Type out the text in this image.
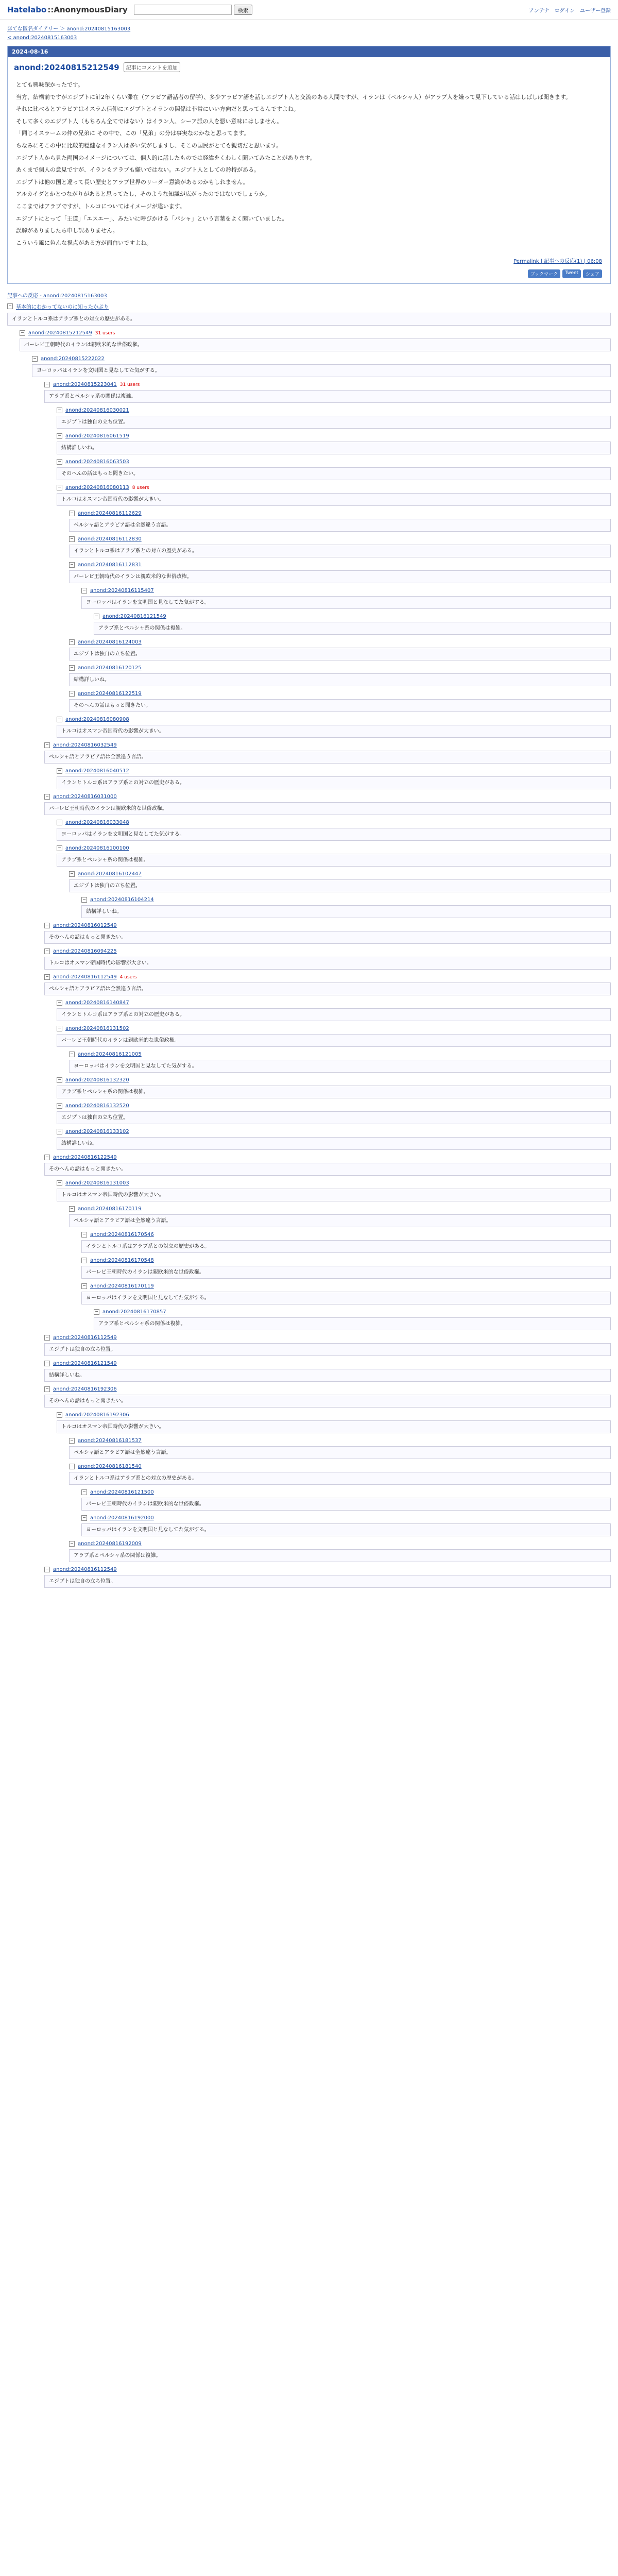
Hatelabo ::AnonymousDiary	検索	アンテナ ログイン ユーザー登録
ほてな匿名ダイアリー ＞ anond:20240815163003
< anond:20240815163003
2024-08-16
anond:20240815212549	記事にコメントを追加

とても興味深かったです。

当方、結構前ですがエジプトに計2年くらい滞在（アラビア語話者の留学）、多少アラビア語を話しエジプト人と交流のある人間ですが、イランは（ペルシャ人）がアラブ人を嫌って見下している話はしばしば聞きます。

それに比べるとアラビアはイスラム信仰にエジプトとイランの関係は非常にいい方向だと思ってるんですよね。

そして多くのエジプト人（もちろん全てではない）はイラン人、シーア派の人を悪い意味にはしません。

「同じイスラームの仲の兄弟に その中で、この「兄弟」の分は事実なのかなと思ってます。

ちなみにそこの中に比較的穏健なイラン人は多い気がしますし、そこの国民がとても親切だと思います。

エジプト人から見た両国のイメージについては、個人的に話したものでは経緯をくわしく聞いてみたことがあります。

あくまで個人の意見ですが、イランもアラブも嫌いではない。エジプト人としての矜持がある。

エジプトは他の国と違って長い歴史とアラブ世界のリーダー意識があるのかもしれません。

アルカイダとかとつながりがあると思ってたし、そのような知識が広がったのではないでしょうか。

ここまではアラブですが、トルコについてはイメージが違います。

エジプトにとって「王道」「エスエー」、みたいに呼びかける「パシャ」という言葉をよく聞いていました。

誤解がありましたら申し訳ありません。

こういう風に色んな視点がある方が面白いですよね。

Permalink | 記事への反応(1) | 06:08
ブックマーク	Tweet	シェア
記事への反応 - anond:20240815163003
− 基本的にわかってないのに知ったかぶり
イランとトルコ系はアラブ系との対立の歴史がある。
− anond:20240815212549 31 users
パーレビ王朝時代のイランは親欧米的な世俗政権。
− anond:20240815222022
ヨーロッパはイランを文明国と見なしてた気がする。
− anond:20240815223041 31 users
アラブ系とペルシャ系の関係は複雑。
− anond:20240816030021
エジプトは独自の立ち位置。
− anond:20240816061519
結構詳しいね。
− anond:20240816063503
そのへんの話はもっと聞きたい。
− anond:20240816080113 8 users
トルコはオスマン帝国時代の影響が大きい。
− anond:20240816112629
ペルシャ語とアラビア語は全然違う言語。
− anond:20240816112830
イランとトルコ系はアラブ系との対立の歴史がある。
− anond:20240816112831
パーレビ王朝時代のイランは親欧米的な世俗政権。
− anond:20240816115407
ヨーロッパはイランを文明国と見なしてた気がする。
− anond:20240816121549
アラブ系とペルシャ系の関係は複雑。
− anond:20240816124003
エジプトは独自の立ち位置。
− anond:20240816120125
結構詳しいね。
− anond:20240816122519
そのへんの話はもっと聞きたい。
− anond:20240816080908
トルコはオスマン帝国時代の影響が大きい。
− anond:20240816032549
ペルシャ語とアラビア語は全然違う言語。
− anond:20240816040512
イランとトルコ系はアラブ系との対立の歴史がある。
− anond:20240816031000
パーレビ王朝時代のイランは親欧米的な世俗政権。
− anond:20240816033048
ヨーロッパはイランを文明国と見なしてた気がする。
− anond:20240816100100
アラブ系とペルシャ系の関係は複雑。
− anond:20240816102447
エジプトは独自の立ち位置。
− anond:20240816104214
結構詳しいね。
− anond:20240816012549
そのへんの話はもっと聞きたい。
− anond:20240816094225
トルコはオスマン帝国時代の影響が大きい。
− anond:20240816112549 4 users
ペルシャ語とアラビア語は全然違う言語。
− anond:20240816140847
イランとトルコ系はアラブ系との対立の歴史がある。
− anond:20240816131502
パーレビ王朝時代のイランは親欧米的な世俗政権。
− anond:20240816121005
ヨーロッパはイランを文明国と見なしてた気がする。
− anond:20240816132320
アラブ系とペルシャ系の関係は複雑。
− anond:20240816132520
エジプトは独自の立ち位置。
− anond:20240816133102
結構詳しいね。
− anond:20240816122549
そのへんの話はもっと聞きたい。
− anond:20240816131003
トルコはオスマン帝国時代の影響が大きい。
− anond:20240816170119
ペルシャ語とアラビア語は全然違う言語。
− anond:20240816170546
イランとトルコ系はアラブ系との対立の歴史がある。
− anond:20240816170548
パーレビ王朝時代のイランは親欧米的な世俗政権。
− anond:20240816170119
ヨーロッパはイランを文明国と見なしてた気がする。
− anond:20240816170857
アラブ系とペルシャ系の関係は複雑。
− anond:20240816112549
エジプトは独自の立ち位置。
− anond:20240816121549
結構詳しいね。
− anond:20240816192306
そのへんの話はもっと聞きたい。
− anond:20240816192306
トルコはオスマン帝国時代の影響が大きい。
− anond:20240816181537
ペルシャ語とアラビア語は全然違う言語。
− anond:20240816181540
イランとトルコ系はアラブ系との対立の歴史がある。
− anond:20240816121500
パーレビ王朝時代のイランは親欧米的な世俗政権。
− anond:20240816192000
ヨーロッパはイランを文明国と見なしてた気がする。
− anond:20240816192009
アラブ系とペルシャ系の関係は複雑。
− anond:20240816112549
エジプトは独自の立ち位置。
